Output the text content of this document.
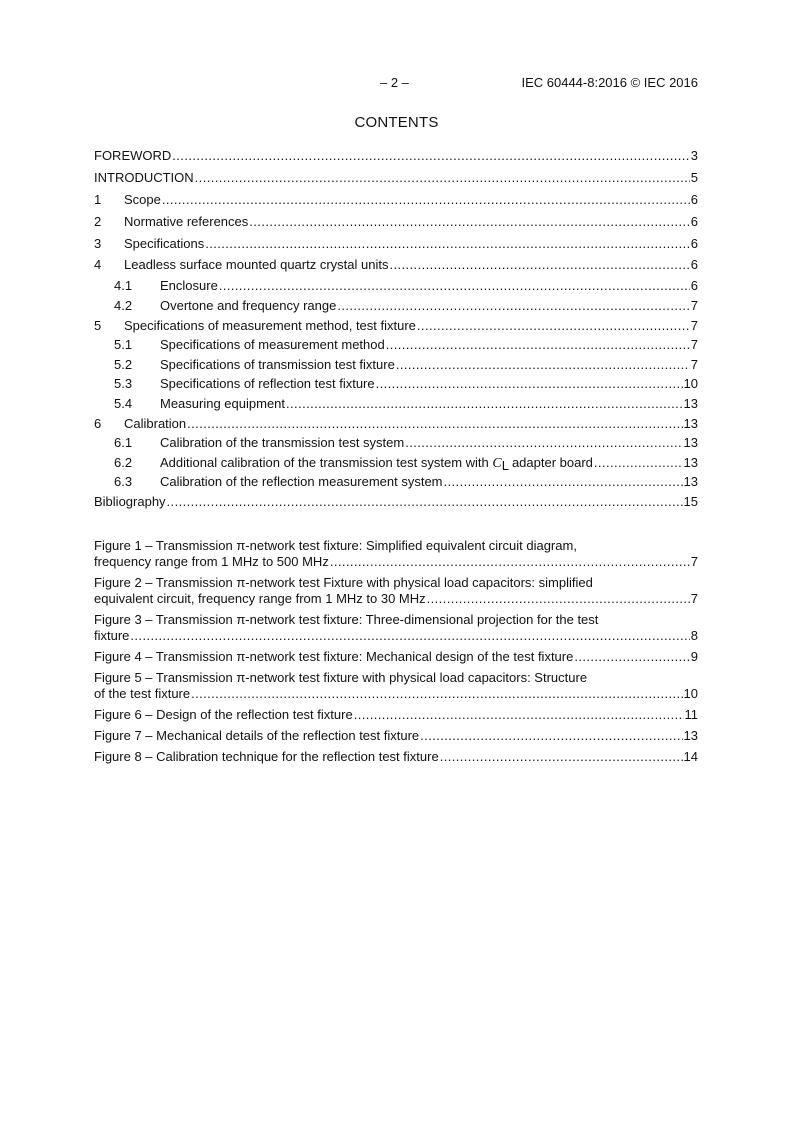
– 2 –	IEC 60444-8:2016 © IEC 2016
CONTENTS
FOREWORD .....	3
INTRODUCTION .....	5
1	Scope .....	6
2	Normative references .....	6
3	Specifications .....	6
4	Leadless surface mounted quartz crystal units .....	6
4.1	Enclosure .....	6
4.2	Overtone and frequency range .....	7
5	Specifications of measurement method, test fixture .....	7
5.1	Specifications of measurement method .....	7
5.2	Specifications of transmission test fixture .....	7
5.3	Specifications of reflection test fixture .....	10
5.4	Measuring equipment .....	13
6	Calibration .....	13
6.1	Calibration of the transmission test system .....	13
6.2	Additional calibration of the transmission test system with CL adapter board .....	13
6.3	Calibration of the reflection measurement system .....	13
Bibliography .....	15
Figure 1 – Transmission π-network test fixture: Simplified equivalent circuit diagram,
frequency range from 1 MHz to 500 MHz .....	7
Figure 2 – Transmission π-network test Fixture with physical load capacitors: simplified
equivalent circuit, frequency range from 1 MHz to 30 MHz .....	7
Figure 3 – Transmission π-network test fixture: Three-dimensional projection for the test
fixture .....	8
Figure 4 – Transmission π-network test fixture: Mechanical design of the test fixture .....	9
Figure 5 – Transmission π-network test fixture with physical load capacitors: Structure
of the test fixture .....	10
Figure 6 – Design of the reflection test fixture .....	11
Figure 7 – Mechanical details of the reflection test fixture .....	13
Figure 8 – Calibration technique for the reflection test fixture .....	14
